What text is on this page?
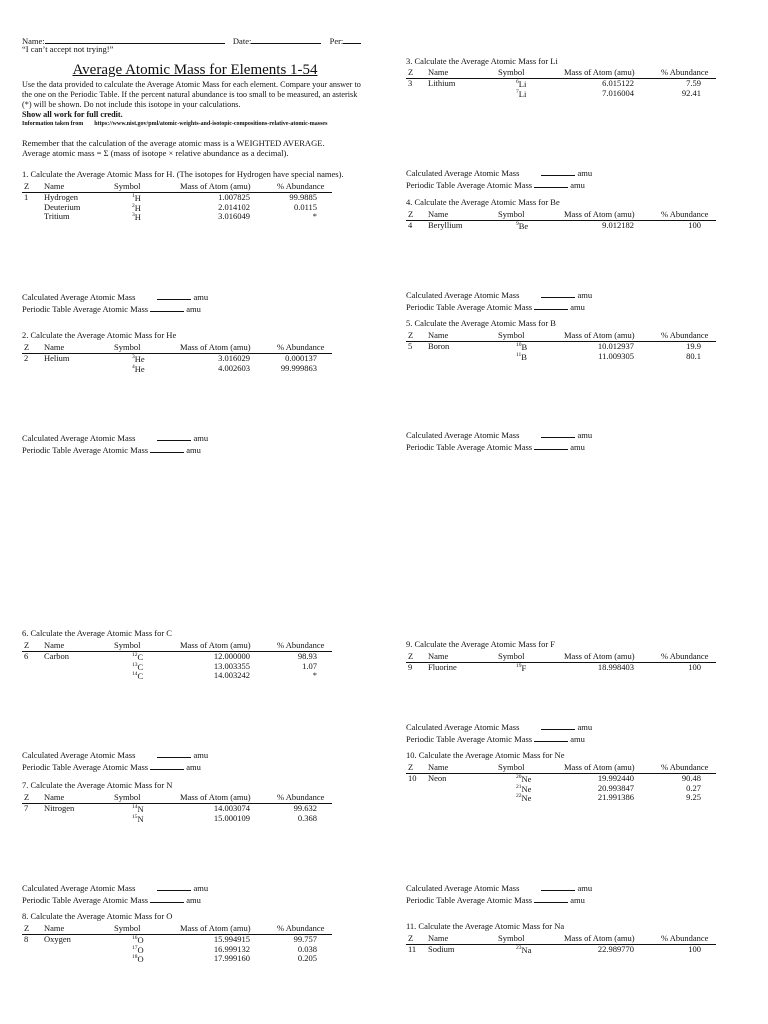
Name:	Date:	Per:
“I can’t accept not trying!”
Average Atomic Mass for Elements 1-54
Use the data provided to calculate the Average Atomic Mass for each element. Compare your answer to the one on the Periodic Table. If the percent natural abundance is too small to be measured, an asterisk (*) will be shown. Do not include this isotope in your calculations.
Show all work for full credit.
Information taken from https://www.nist.gov/pml/atomic-weights-and-isotopic-compositions-relative-atomic-masses
Remember that the calculation of the average atomic mass is a WEIGHTED AVERAGE.
Average atomic mass = Σ (mass of isotope × relative abundance as a decimal).
1. Calculate the Average Atomic Mass for H. (The isotopes for Hydrogen have special names).
Z Name	Symbol	Mass of Atom (amu)	% Abundance
1 Hydrogen	$^1$H	1.007825	99.9885
Deuterium	$^2$H	2.014102	0.0115
Tritium	$^3$H	3.016049	*
2. Calculate the Average Atomic Mass for He
Z Name	Symbol	Mass of Atom (amu)	% Abundance
2 Helium	$^3$He	3.016029	0.000137
$^4$He	4.002603	99.999863
3. Calculate the Average Atomic Mass for Li
Z Name	Symbol	Mass of Atom (amu)	% Abundance
3 Lithium	$^6$Li	6.015122	7.59
$^7$Li	7.016004	92.41
4. Calculate the Average Atomic Mass for Be
Z Name	Symbol	Mass of Atom (amu)	% Abundance
4 Beryllium	$^9$Be	9.012182	100
5. Calculate the Average Atomic Mass for B
Z Name	Symbol	Mass of Atom (amu)	% Abundance
5 Boron	$^{10}$B	10.012937	19.9
$^{11}$B	11.009305	80.1
6. Calculate the Average Atomic Mass for C
Z Name	Symbol	Mass of Atom (amu)	% Abundance
6 Carbon	$^{12}$C	12.000000	98.93
$^{13}$C	13.003355	1.07
$^{14}$C	14.003242	*
7. Calculate the Average Atomic Mass for N
Z Name	Symbol	Mass of Atom (amu)	% Abundance
7 Nitrogen	$^{14}$N	14.003074	99.632
$^{15}$N	15.000109	0.368
8. Calculate the Average Atomic Mass for O
Z Name	Symbol	Mass of Atom (amu)	% Abundance
8 Oxygen	$^{16}$O	15.994915	99.757
$^{17}$O	16.999132	0.038
$^{18}$O	17.999160	0.205
9. Calculate the Average Atomic Mass for F
Z Name	Symbol	Mass of Atom (amu)	% Abundance
9 Fluorine	$^{19}$F	18.998403	100
10. Calculate the Average Atomic Mass for Ne
Z Name	Symbol	Mass of Atom (amu)	% Abundance
10 Neon	$^{20}$Ne	19.992440	90.48
$^{21}$Ne	20.993847	0.27
$^{22}$Ne	21.991386	9.25
11. Calculate the Average Atomic Mass for Na
Z Name	Symbol	Mass of Atom (amu)	% Abundance
11 Sodium	$^{23}$Na	22.989770	100
Calculated Average Atomic Mass	amu
Periodic Table Average Atomic Mass	amu
Calculated Average Atomic Mass	amu
Periodic Table Average Atomic Mass	amu
Calculated Average Atomic Mass	amu
Periodic Table Average Atomic Mass	amu
Calculated Average Atomic Mass	amu
Periodic Table Average Atomic Mass	amu
Calculated Average Atomic Mass	amu
Periodic Table Average Atomic Mass	amu
Calculated Average Atomic Mass	amu
Periodic Table Average Atomic Mass	amu
Calculated Average Atomic Mass	amu
Periodic Table Average Atomic Mass	amu
Calculated Average Atomic Mass	amu
Periodic Table Average Atomic Mass	amu
Calculated Average Atomic Mass	amu
Periodic Table Average Atomic Mass	amu
